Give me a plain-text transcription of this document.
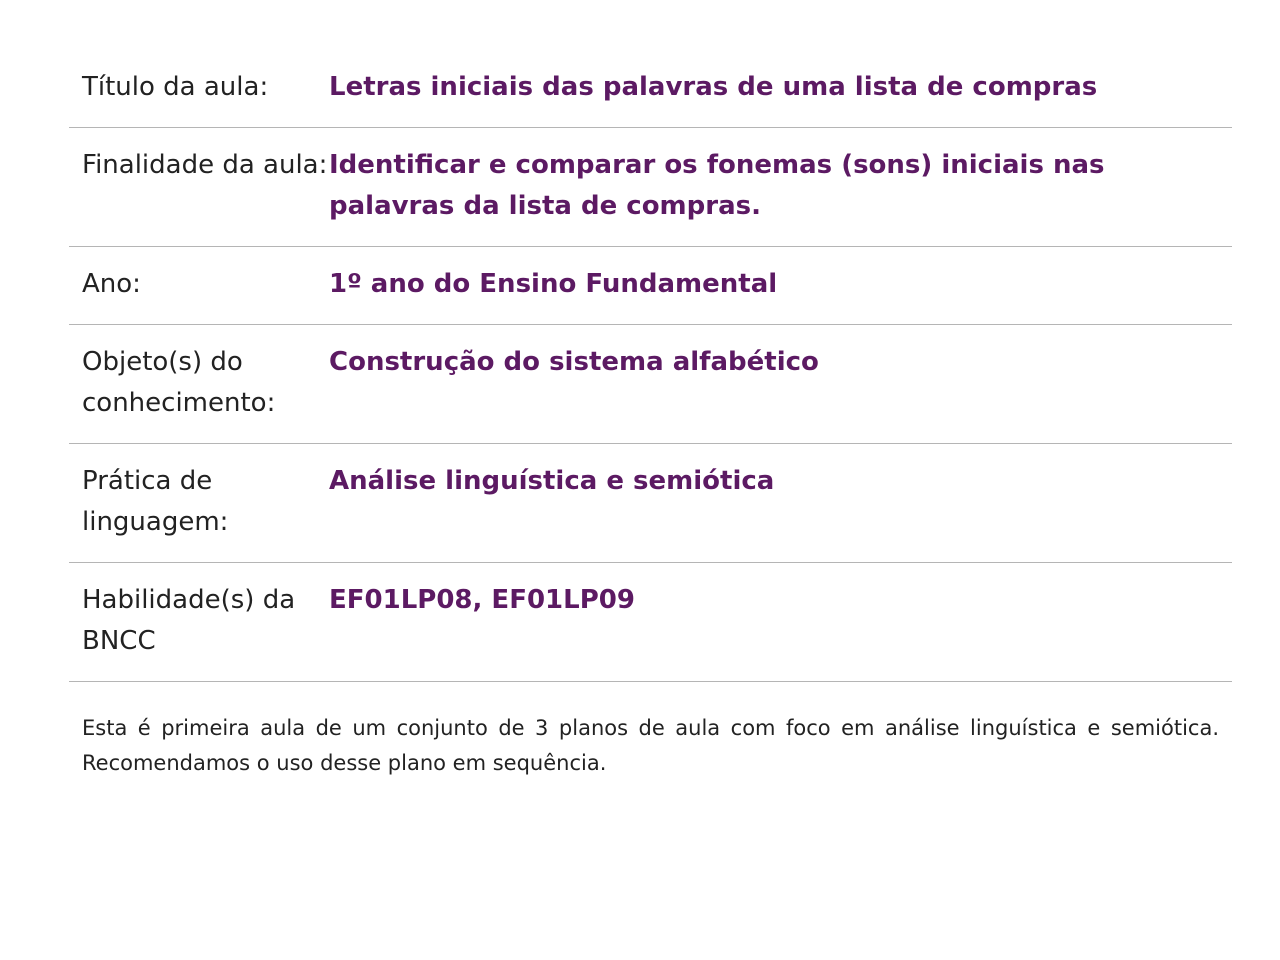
Título da aula:	Letras iniciais das palavras de uma lista de compras
Finalidade da aula: Identificar e comparar os fonemas (sons) iniciais nas palavras da lista de compras.
Ano:	1º ano do Ensino Fundamental
Objeto(s) do conhecimento:
Construção do sistema alfabético
Prática de linguagem:
Análise linguística e semiótica
Habilidade(s) da BNCC
EF01LP08, EF01LP09

Esta é primeira aula de um conjunto de 3 planos de aula com foco em análise linguística e semiótica. Recomendamos o uso desse plano em sequência.
